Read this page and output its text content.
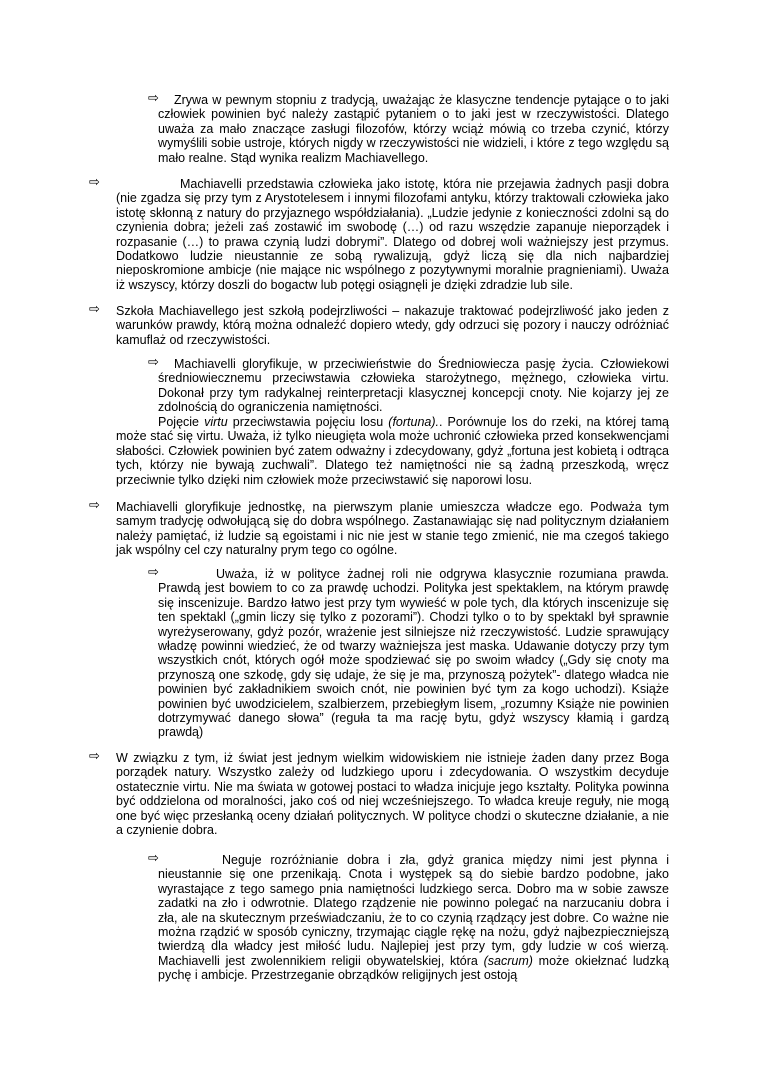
⇨	Zrywa w pewnym stopniu z tradycją, uważając że klasyczne tendencje pytające o to jaki człowiek powinien być należy zastąpić pytaniem o to jaki jest w rzeczywistości. Dlatego uważa za mało znaczące zasługi filozofów, którzy wciąż mówią co trzeba czynić, którzy wymyślili sobie ustroje, których nigdy w rzeczywistości nie widzieli, i które z tego względu są mało realne. Stąd wynika realizm Machiavellego.

⇨	Machiavelli przedstawia człowieka jako istotę, która nie przejawia żadnych pasji dobra (nie zgadza się przy tym z Arystotelesem i innymi filozofami antyku, którzy traktowali człowieka jako istotę skłonną z natury do przyjaznego współdziałania). „Ludzie jedynie z konieczności zdolni są do czynienia dobra; jeżeli zaś zostawić im swobodę (…) od razu wszędzie zapanuje nieporządek i rozpasanie (…) to prawa czynią ludzi dobrymi”. Dlatego od dobrej woli ważniejszy jest przymus. Dodatkowo ludzie nieustannie ze sobą rywalizują, gdyż liczą się dla nich najbardziej nieposkromione ambicje (nie mające nic wspólnego z pozytywnymi moralnie pragnieniami). Uważa iż wszyscy, którzy doszli do bogactw lub potęgi osiągnęli je dzięki zdradzie lub sile.

⇨ Szkoła Machiavellego jest szkołą podejrzliwości – nakazuje traktować podejrzliwość jako jeden z warunków prawdy, którą można odnaleźć dopiero wtedy, gdy odrzuci się pozory i nauczy odróżniać kamuflaż od rzeczywistości.

⇨	Machiavelli gloryfikuje, w przeciwieństwie do Średniowiecza pasję życia. Człowiekowi średniowiecznemu przeciwstawia człowieka starożytnego, mężnego, człowieka virtu. Dokonał przy tym radykalnej reinterpretacji klasycznej koncepcji cnoty. Nie kojarzy jej ze zdolnością do ograniczenia namiętności.

Pojęcie virtu przeciwstawia pojęciu losu (fortuna).. Porównuje los do rzeki, na której tamą może stać się virtu. Uważa, iż tylko nieugięta wola może uchronić człowieka przed konsekwencjami słabości. Człowiek powinien być zatem odważny i zdecydowany, gdyż „fortuna jest kobietą i odtrąca tych, którzy nie bywają zuchwali”. Dlatego też namiętności nie są żadną przeszkodą, wręcz przeciwnie tylko dzięki nim człowiek może przeciwstawić się naporowi losu.

⇨ Machiavelli gloryfikuje jednostkę, na pierwszym planie umieszcza władcze ego. Podważa tym samym tradycję odwołującą się do dobra wspólnego. Zastanawiając się nad politycznym działaniem należy pamiętać, iż ludzie są egoistami i nic nie jest w stanie tego zmienić, nie ma czegoś takiego jak wspólny cel czy naturalny prym tego co ogólne.

⇨	Uważa, iż w polityce żadnej roli nie odgrywa klasycznie rozumiana prawda. Prawdą jest bowiem to co za prawdę uchodzi. Polityka jest spektaklem, na którym prawdę się inscenizuje. Bardzo łatwo jest przy tym wywieść w pole tych, dla których inscenizuje się ten spektakl („gmin liczy się tylko z pozorami”). Chodzi tylko o to by spektakl był sprawnie wyreżyserowany, gdyż pozór, wrażenie jest silniejsze niż rzeczywistość. Ludzie sprawujący władzę powinni wiedzieć, że od twarzy ważniejsza jest maska. Udawanie dotyczy przy tym wszystkich cnót, których ogół może spodziewać się po swoim władcy („Gdy się cnoty ma przynoszą one szkodę, gdy się udaje, że się je ma, przynoszą pożytek”- dlatego władca nie powinien być zakładnikiem swoich cnót, nie powinien być tym za kogo uchodzi). Książe powinien być uwodzicielem, szalbierzem, przebiegłym lisem, „rozumny Książe nie powinien dotrzymywać danego słowa” (reguła ta ma rację bytu, gdyż wszyscy kłamią i gardzą prawdą)

⇨ W związku z tym, iż świat jest jednym wielkim widowiskiem nie istnieje żaden dany przez Boga porządek natury. Wszystko zależy od ludzkiego uporu i zdecydowania. O wszystkim decyduje ostatecznie virtu. Nie ma świata w gotowej postaci to władza inicjuje jego kształty. Polityka powinna być oddzielona od moralności, jako coś od niej wcześniejszego. To władca kreuje reguły, nie mogą one być więc przesłanką oceny działań politycznych. W polityce chodzi o skuteczne działanie, a nie a czynienie dobra.

⇨	Neguje rozróżnianie dobra i zła, gdyż granica między nimi jest płynna i nieustannie się one przenikają. Cnota i występek są do siebie bardzo podobne, jako wyrastające z tego samego pnia namiętności ludzkiego serca. Dobro ma w sobie zawsze zadatki na zło i odwrotnie. Dlatego rządzenie nie powinno polegać na narzucaniu dobra i zła, ale na skutecznym przeświadczaniu, że to co czynią rządzący jest dobre. Co ważne nie można rządzić w sposób cyniczny, trzymając ciągle rękę na nożu, gdyż najbezpieczniejszą twierdzą dla władcy jest miłość ludu. Najlepiej jest przy tym, gdy ludzie w coś wierzą. Machiavelli jest zwolennikiem religii obywatelskiej, która (sacrum) może okiełznać ludzką pychę i ambicje. Przestrzeganie obrządków religijnych jest ostoją
